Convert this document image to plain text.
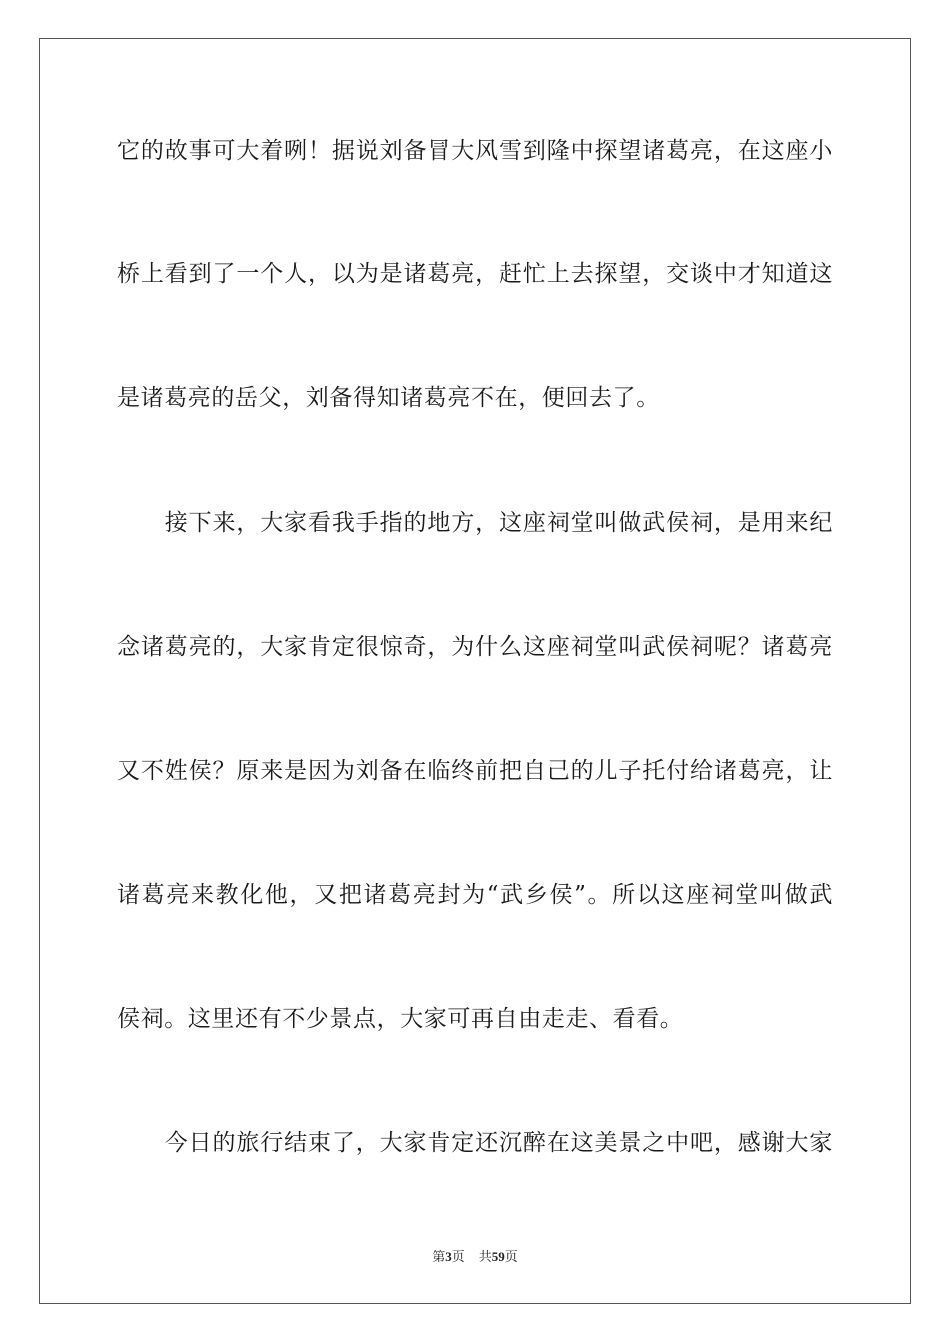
它的故事可大着咧！据说刘备冒大风雪到隆中探望诸葛亮，在这座小

桥上看到了一个人，以为是诸葛亮，赶忙上去探望，交谈中才知道这

是诸葛亮的岳父，刘备得知诸葛亮不在，便回去了。

　　接下来，大家看我手指的地方，这座祠堂叫做武侯祠，是用来纪

念诸葛亮的，大家肯定很惊奇，为什么这座祠堂叫武侯祠呢？诸葛亮

又不姓侯？原来是因为刘备在临终前把自己的儿子托付给诸葛亮，让

诸葛亮来教化他，又把诸葛亮封为“武乡侯”。所以这座祠堂叫做武

侯祠。这里还有不少景点，大家可再自由走走、看看。

　　今日的旅行结束了，大家肯定还沉醉在这美景之中吧，感谢大家

第3页 共59页
